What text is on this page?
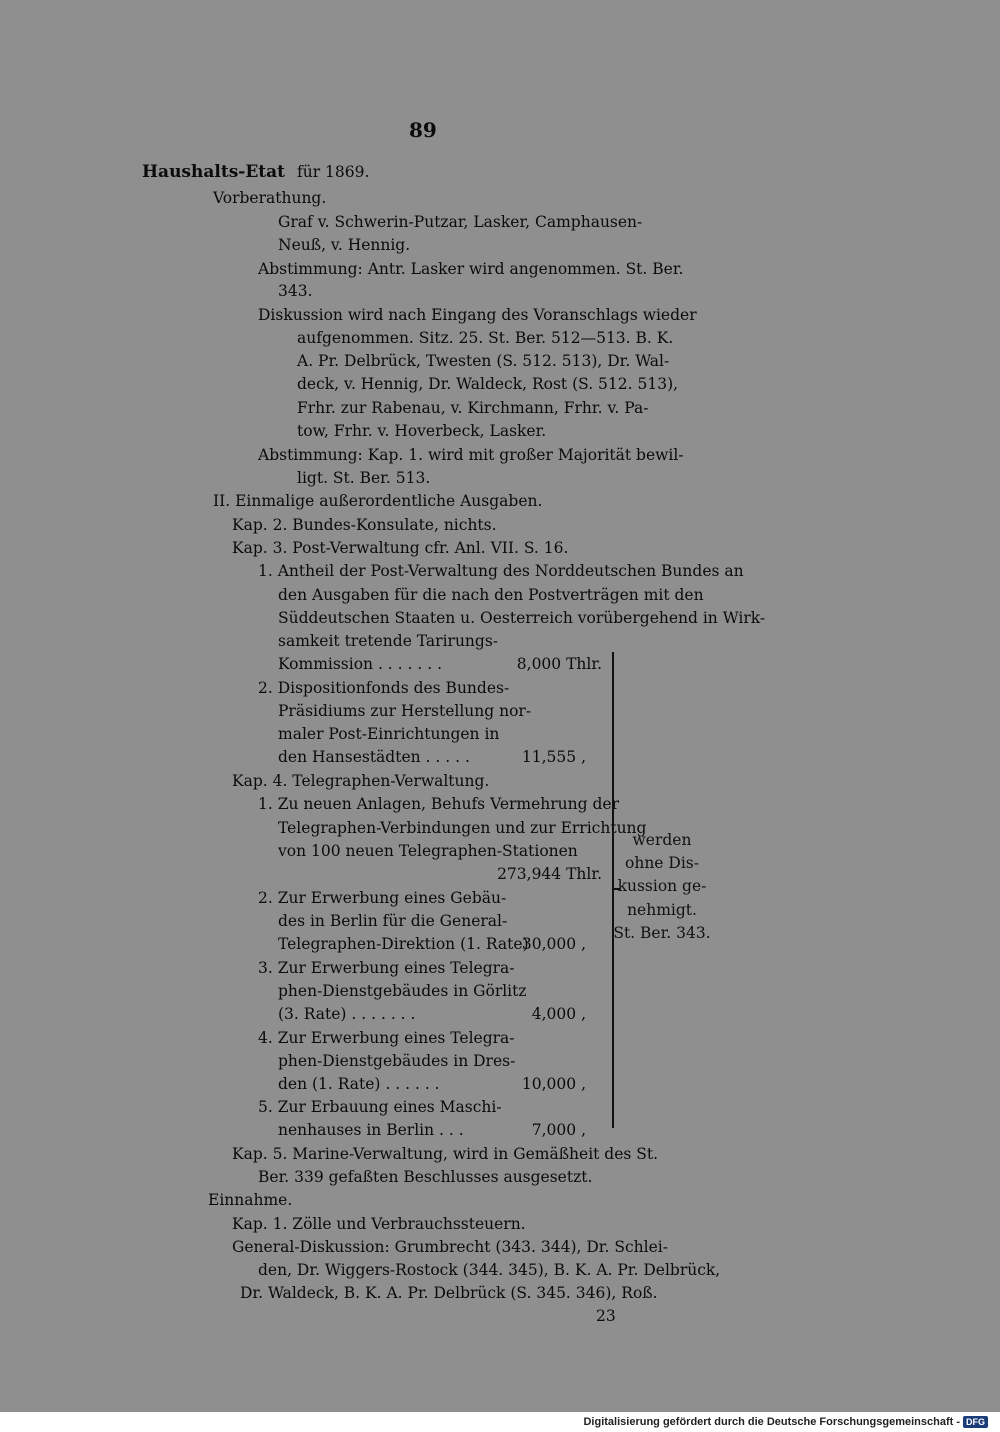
89
Haushalts-Etat für 1869.
Vorberathung.
Graf v. Schwerin-Putzar, Lasker, Camphausen-
Neuß, v. Hennig.
Abstimmung: Antr. Lasker wird angenommen. St. Ber.
343.
Diskussion wird nach Eingang des Voranschlags wieder
aufgenommen. Sitz. 25. St. Ber. 512—513. B. K.
A. Pr. Delbrück, Twesten (S. 512. 513), Dr. Wal-
deck, v. Hennig, Dr. Waldeck, Rost (S. 512. 513),
Frhr. zur Rabenau, v. Kirchmann, Frhr. v. Pa-
tow, Frhr. v. Hoverbeck, Lasker.
Abstimmung: Kap. 1. wird mit großer Majorität bewil-
ligt. St. Ber. 513.
II. Einmalige außerordentliche Ausgaben.
Kap. 2. Bundes-Konsulate, nichts.
Kap. 3. Post-Verwaltung cfr. Anl. VII. S. 16.
1. Antheil der Post-Verwaltung des Norddeutschen Bundes an
den Ausgaben für die nach den Postverträgen mit den
Süddeutschen Staaten u. Oesterreich vorübergehend in Wirk-
samkeit tretende Tarirungs-
Kommission . . . . . . .	8,000 Thlr.
2. Dispositionfonds des Bundes-
Präsidiums zur Herstellung nor-
maler Post-Einrichtungen in
den Hansestädten . . . . .	11,555 ,
Kap. 4. Telegraphen-Verwaltung.
1. Zu neuen Anlagen, Behufs Vermehrung der
Telegraphen-Verbindungen und zur Errichtung
von 100 neuen Telegraphen-Stationen
273,944 Thlr.
2. Zur Erwerbung eines Gebäu-
des in Berlin für die General-
Telegraphen-Direktion (1. Rate)
30,000 ,
3. Zur Erwerbung eines Telegra-
phen-Dienstgebäudes in Görlitz
(3. Rate) . . . . . . .	4,000 ,
4. Zur Erwerbung eines Telegra-
phen-Dienstgebäudes in Dres-
den (1. Rate) . . . . . .	10,000 ,
5. Zur Erbauung eines Maschi-
nenhauses in Berlin . . .	7,000 ,
Kap. 5. Marine-Verwaltung, wird in Gemäßheit des St.
Ber. 339 gefaßten Beschlusses ausgesetzt.
Einnahme.
Kap. 1. Zölle und Verbrauchssteuern.
General-Diskussion: Grumbrecht (343. 344), Dr. Schlei-
den, Dr. Wiggers-Rostock (344. 345), B. K. A. Pr. Delbrück,
Dr. Waldeck, B. K. A. Pr. Delbrück (S. 345. 346), Roß.
werden
ohne Dis-
kussion ge-
nehmigt.
St. Ber. 343.
23
Digitalisierung gefördert durch die Deutsche Forschungsgemeinschaft - DFG
